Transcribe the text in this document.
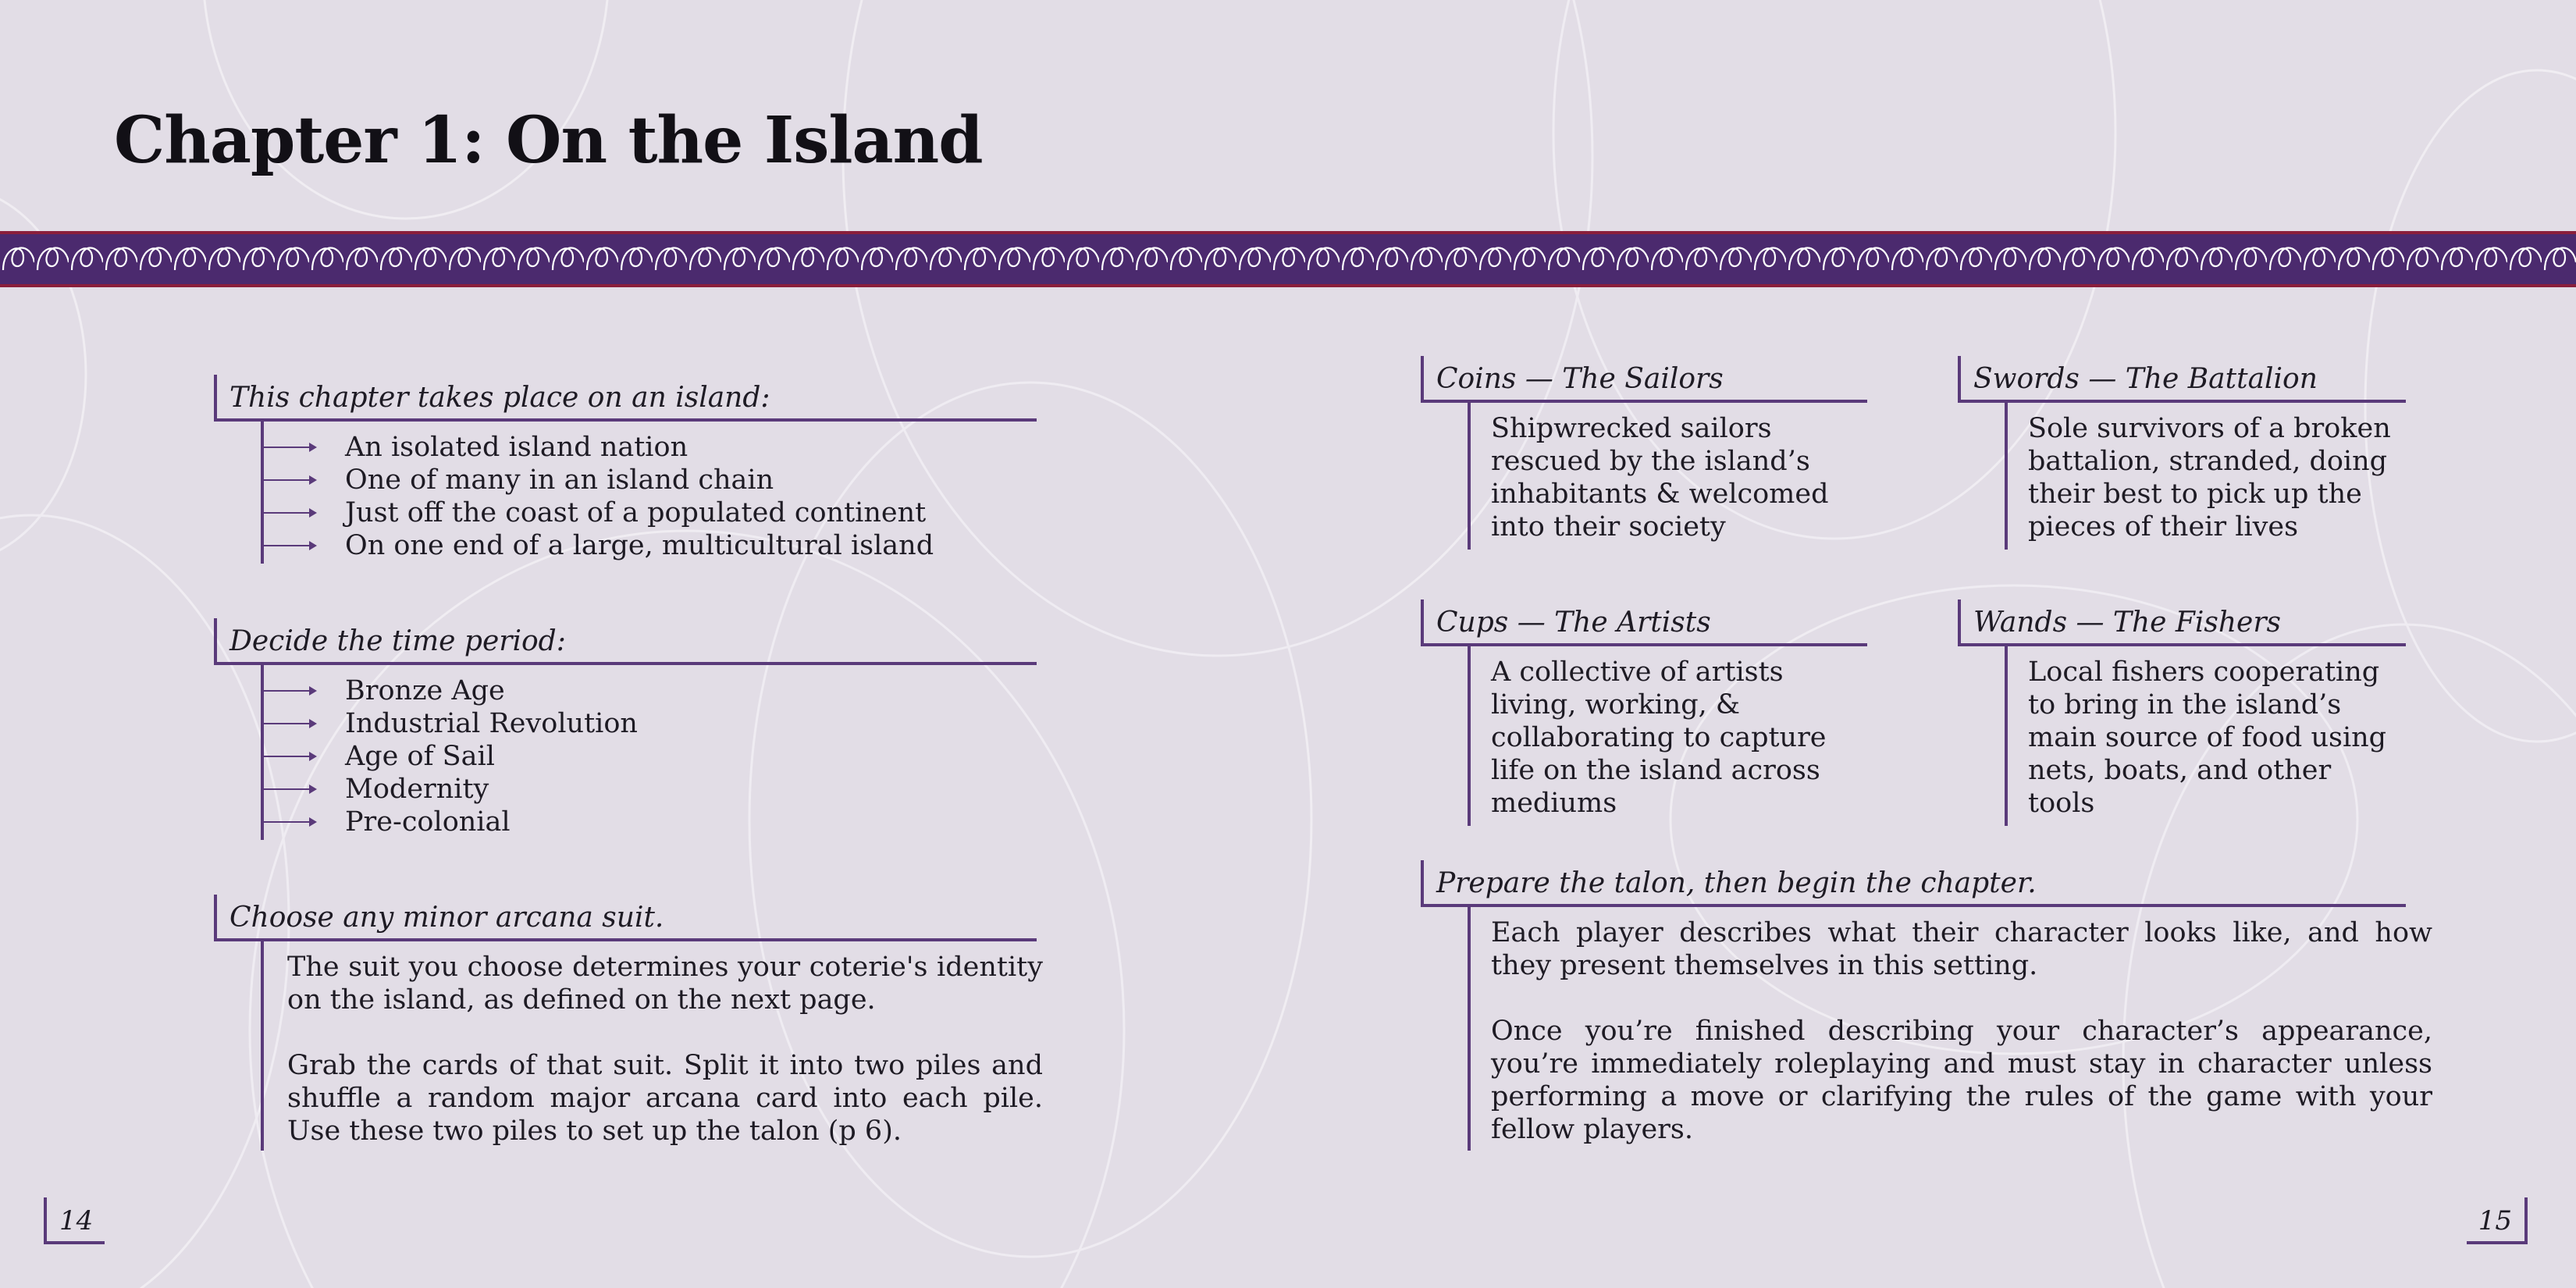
Chapter 1: On the Island
This chapter takes place on an island:
An isolated island nation
One of many in an island chain
Just off the coast of a populated continent
On one end of a large, multicultural island
Decide the time period:
Bronze Age
Industrial Revolution
Age of Sail
Modernity
Pre-colonial
Choose any minor arcana suit.

The suit you choose determines your coterie's identity on the island, as defined on the next page.

Grab the cards of that suit. Split it into two piles and shuffle a random major arcana card into each pile. Use these two piles to set up the talon (p 6).

14
Coins — The Sailors

Shipwrecked sailors rescued by the island’s inhabitants & welcomed into their society

Swords — The Battalion

Sole survivors of a broken battalion, stranded, doing their best to pick up the pieces of their lives

Cups — The Artists

A collective of artists living, working, & collaborating to capture life on the island across mediums

Wands — The Fishers

Local fishers cooperating to bring in the island’s main source of food using nets, boats, and other tools

Prepare the talon, then begin the chapter.

Each player describes what their character looks like, and how they present themselves in this setting.

Once you’re finished describing your character’s appearance, you’re immediately roleplaying and must stay in character unless performing a move or clarifying the rules of the game with your fellow players.

15
